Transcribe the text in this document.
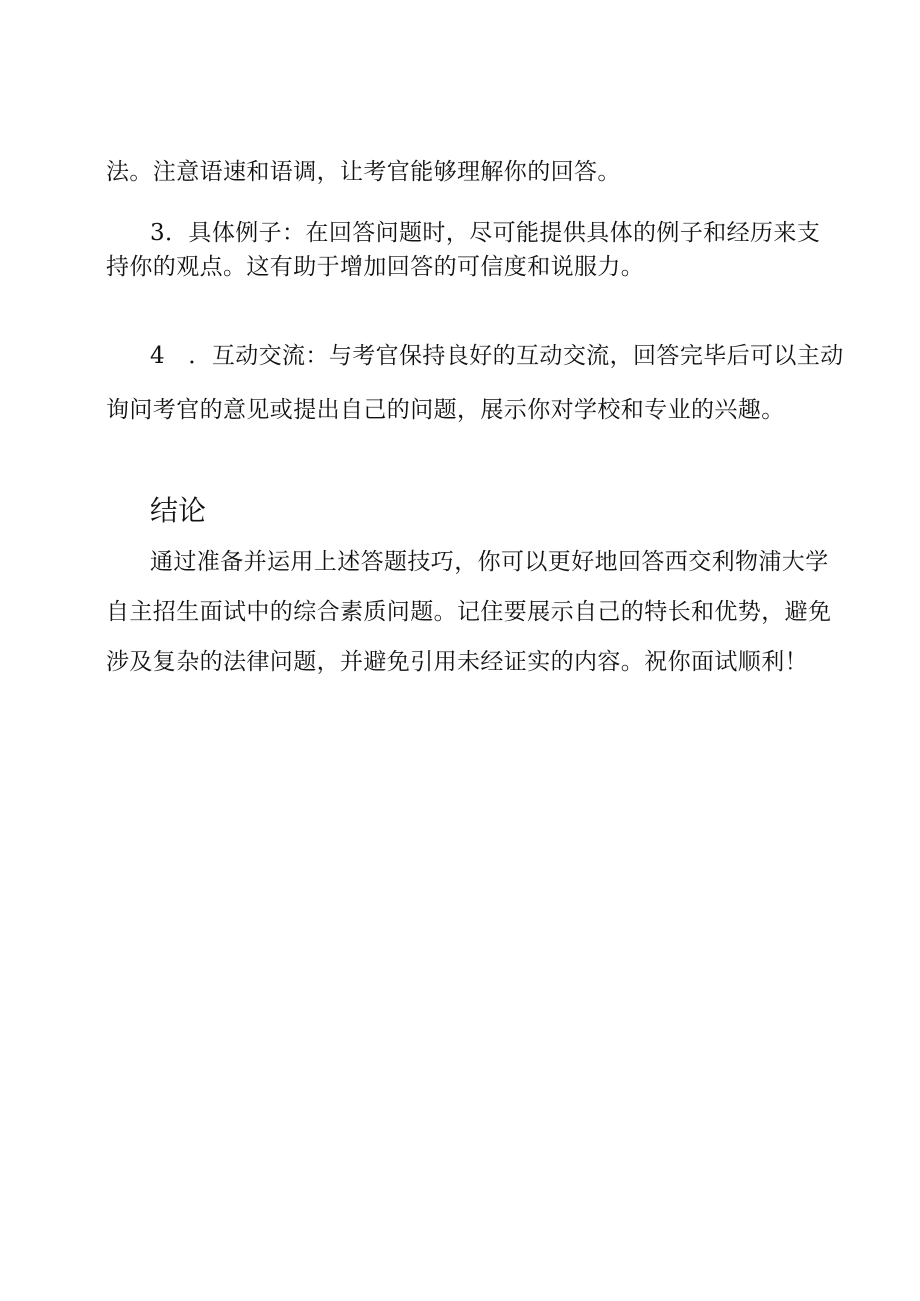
法。注意语速和语调，让考官能够理解你的回答。
3．具体例子：在回答问题时，尽可能提供具体的例子和经历来支
持你的观点。这有助于增加回答的可信度和说服力。
4　．互动交流：与考官保持良好的互动交流，回答完毕后可以主动
询问考官的意见或提出自己的问题，展示你对学校和专业的兴趣。
结论
通过准备并运用上述答题技巧，你可以更好地回答西交利物浦大学
自主招生面试中的综合素质问题。记住要展示自己的特长和优势，避免
涉及复杂的法律问题，并避免引用未经证实的内容。祝你面试顺利！
